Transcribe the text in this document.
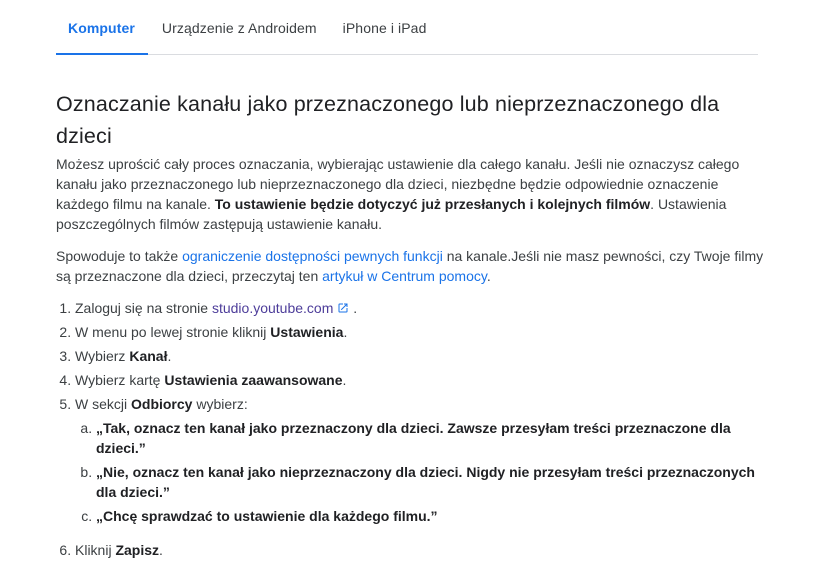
Komputer	Urządzenie z Androidem	iPhone i iPad
Oznaczanie kanału jako przeznaczonego lub nieprzeznaczonego dla dzieci

Możesz uprościć cały proces oznaczania, wybierając ustawienie dla całego kanału. Jeśli nie oznaczysz całego kanału jako przeznaczonego lub nieprzeznaczonego dla dzieci, niezbędne będzie odpowiednie oznaczenie każdego filmu na kanale. To ustawienie będzie dotyczyć już przesłanych i kolejnych filmów. Ustawienia poszczególnych filmów zastępują ustawienie kanału.

Spowoduje to także ograniczenie dostępności pewnych funkcji na kanale.Jeśli nie masz pewności, czy Twoje filmy są przeznaczone dla dzieci, przeczytaj ten artykuł w Centrum pomocy.

1. Zaloguj się na stronie studio.youtube.com .
2. W menu po lewej stronie kliknij Ustawienia.
3. Wybierz Kanał.
4. Wybierz kartę Ustawienia zaawansowane.
5. W sekcji Odbiorcy wybierz:
a. „Tak, oznacz ten kanał jako przeznaczony dla dzieci. Zawsze przesyłam treści przeznaczone dla dzieci.”
b. „Nie, oznacz ten kanał jako nieprzeznaczony dla dzieci. Nigdy nie przesyłam treści przeznaczonych dla dzieci.”
c. „Chcę sprawdzać to ustawienie dla każdego filmu.”
6. Kliknij Zapisz.
